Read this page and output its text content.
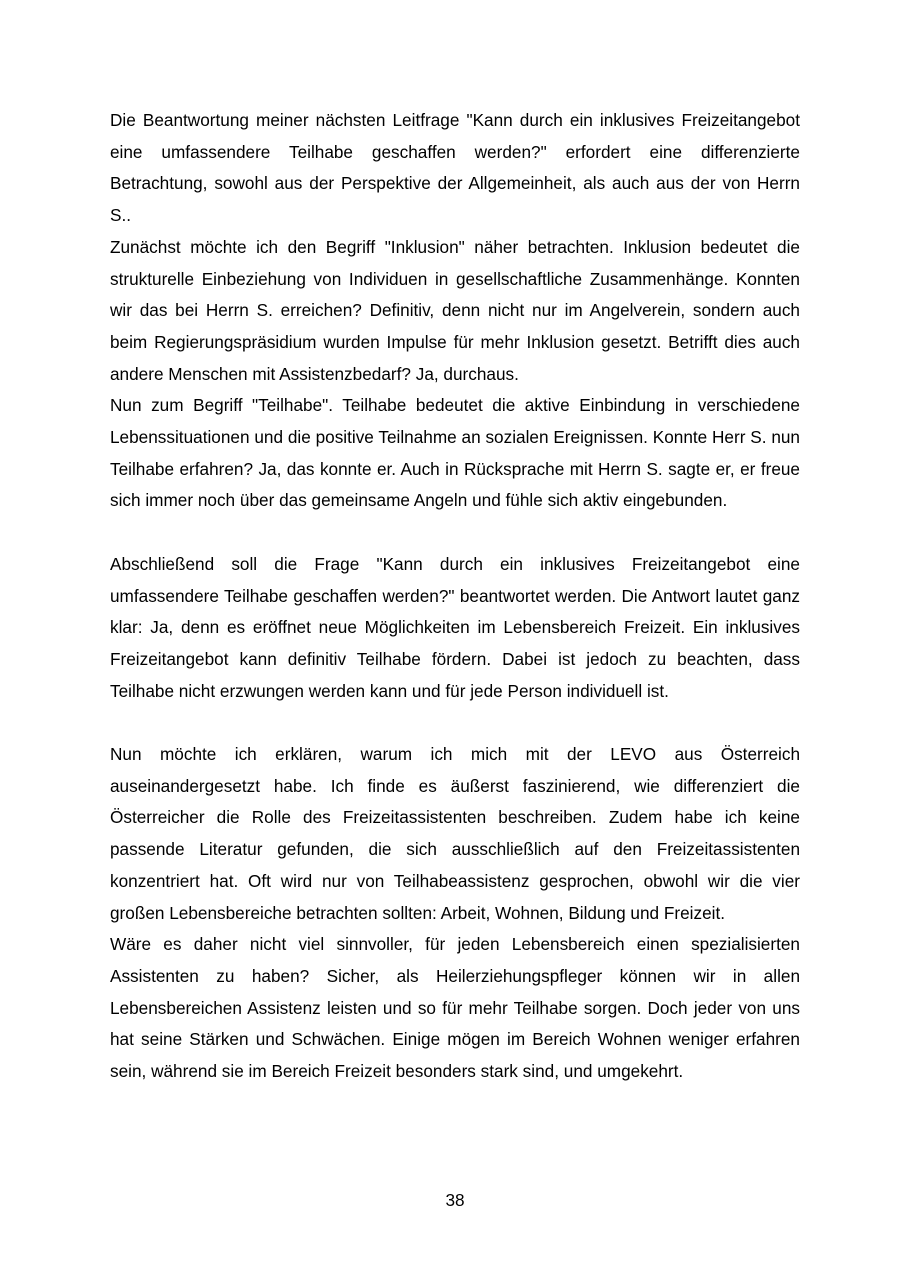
Die Beantwortung meiner nächsten Leitfrage "Kann durch ein inklusives Freizeitangebot eine umfassendere Teilhabe geschaffen werden?" erfordert eine differenzierte Betrachtung, sowohl aus der Perspektive der Allgemeinheit, als auch aus der von Herrn S..

Zunächst möchte ich den Begriff "Inklusion" näher betrachten. Inklusion bedeutet die strukturelle Einbeziehung von Individuen in gesellschaftliche Zusammenhänge. Konnten wir das bei Herrn S. erreichen? Definitiv, denn nicht nur im Angelverein, sondern auch beim Regierungspräsidium wurden Impulse für mehr Inklusion gesetzt. Betrifft dies auch andere Menschen mit Assistenzbedarf? Ja, durchaus.

Nun zum Begriff "Teilhabe". Teilhabe bedeutet die aktive Einbindung in verschiedene Lebenssituationen und die positive Teilnahme an sozialen Ereignissen. Konnte Herr S. nun Teilhabe erfahren? Ja, das konnte er. Auch in Rücksprache mit Herrn S. sagte er, er freue sich immer noch über das gemeinsame Angeln und fühle sich aktiv eingebunden.

Abschließend soll die Frage "Kann durch ein inklusives Freizeitangebot eine umfassendere Teilhabe geschaffen werden?" beantwortet werden. Die Antwort lautet ganz klar: Ja, denn es eröffnet neue Möglichkeiten im Lebensbereich Freizeit. Ein inklusives Freizeitangebot kann definitiv Teilhabe fördern. Dabei ist jedoch zu beachten, dass Teilhabe nicht erzwungen werden kann und für jede Person individuell ist.

Nun möchte ich erklären, warum ich mich mit der LEVO aus Österreich auseinandergesetzt habe. Ich finde es äußerst faszinierend, wie differenziert die Österreicher die Rolle des Freizeitassistenten beschreiben. Zudem habe ich keine passende Literatur gefunden, die sich ausschließlich auf den Freizeitassistenten konzentriert hat. Oft wird nur von Teilhabeassistenz gesprochen, obwohl wir die vier großen Lebensbereiche betrachten sollten: Arbeit, Wohnen, Bildung und Freizeit.

Wäre es daher nicht viel sinnvoller, für jeden Lebensbereich einen spezialisierten Assistenten zu haben? Sicher, als Heilerziehungspfleger können wir in allen Lebensbereichen Assistenz leisten und so für mehr Teilhabe sorgen. Doch jeder von uns hat seine Stärken und Schwächen. Einige mögen im Bereich Wohnen weniger erfahren sein, während sie im Bereich Freizeit besonders stark sind, und umgekehrt.

38
